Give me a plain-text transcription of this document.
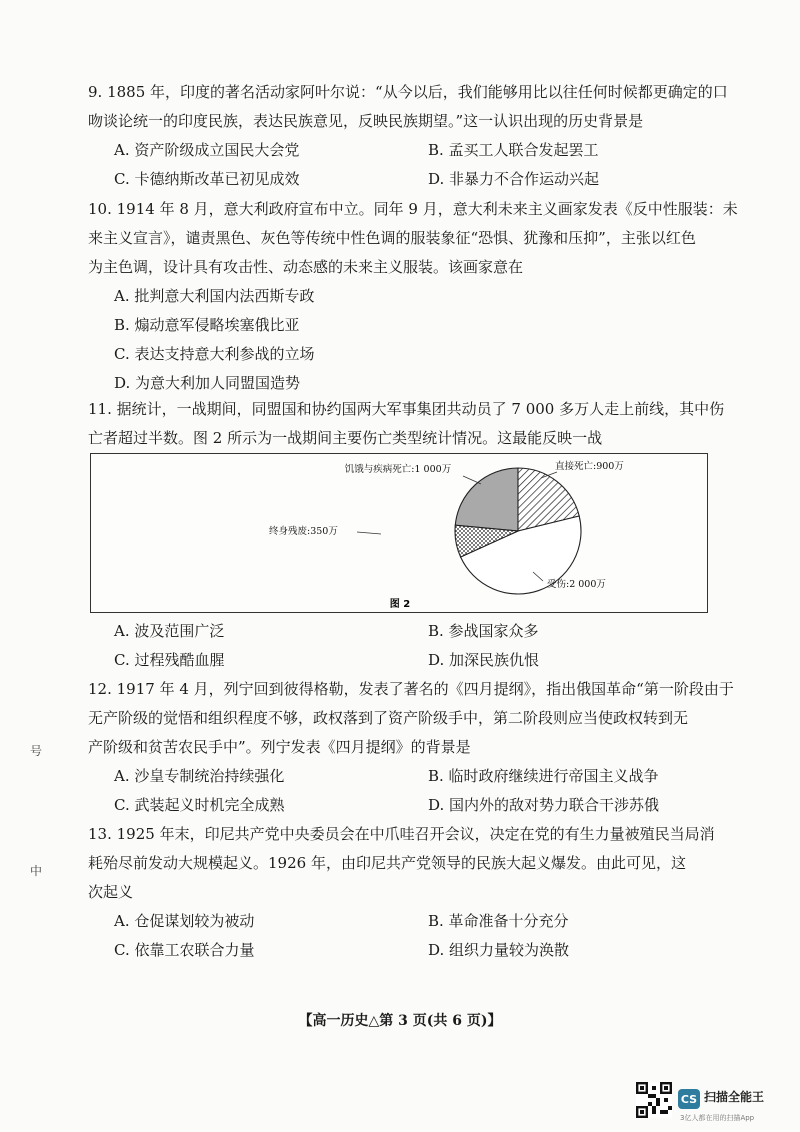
9. 1885 年，印度的著名活动家阿叶尔说：“从今以后，我们能够用比以往任何时候都更确定的口

吻谈论统一的印度民族，表达民族意见，反映民族期望。”这一认识出现的历史背景是

A. 资产阶级成立国民大会党	B. 孟买工人联合发起罢工
C. 卡德纳斯改革已初见成效	D. 非暴力不合作运动兴起

10. 1914 年 8 月，意大利政府宣布中立。同年 9 月，意大利未来主义画家发表《反中性服装：未

来主义宣言》，谴责黑色、灰色等传统中性色调的服装象征“恐惧、犹豫和压抑”，主张以红色

为主色调，设计具有攻击性、动态感的未来主义服装。该画家意在

A. 批判意大利国内法西斯专政

B. 煽动意军侵略埃塞俄比亚

C. 表达支持意大利参战的立场

D. 为意大利加人同盟国造势

11. 据统计，一战期间，同盟国和协约国两大军事集团共动员了 7 000 多万人走上前线，其中伤

亡者超过半数。图 2 所示为一战期间主要伤亡类型统计情况。这最能反映一战

饥饿与疾病死亡:1 000万	直接死亡:900万
受伤:2 000万
终身残废:350万
图 2
A. 波及范围广泛	B. 参战国家众多
C. 过程残酷血腥	D. 加深民族仇恨

12. 1917 年 4 月，列宁回到彼得格勒，发表了著名的《四月提纲》，指出俄国革命“第一阶段由于

无产阶级的觉悟和组织程度不够，政权落到了资产阶级手中，第二阶段则应当使政权转到无

产阶级和贫苦农民手中”。列宁发表《四月提纲》的背景是

A. 沙皇专制统治持续强化	B. 临时政府继续进行帝国主义战争
C. 武装起义时机完全成熟	D. 国内外的敌对势力联合干涉苏俄

13. 1925 年末，印尼共产党中央委员会在中爪哇召开会议，决定在党的有生力量被殖民当局消

耗殆尽前发动大规模起义。1926 年，由印尼共产党领导的民族大起义爆发。由此可见，这

次起义

A. 仓促谋划较为被动	B. 革命准备十分充分
C. 依靠工农联合力量	D. 组织力量较为涣散
【高一历史△第 3 页(共 6 页)】
号
中
CS 扫描全能王
3亿人都在用的扫描App
